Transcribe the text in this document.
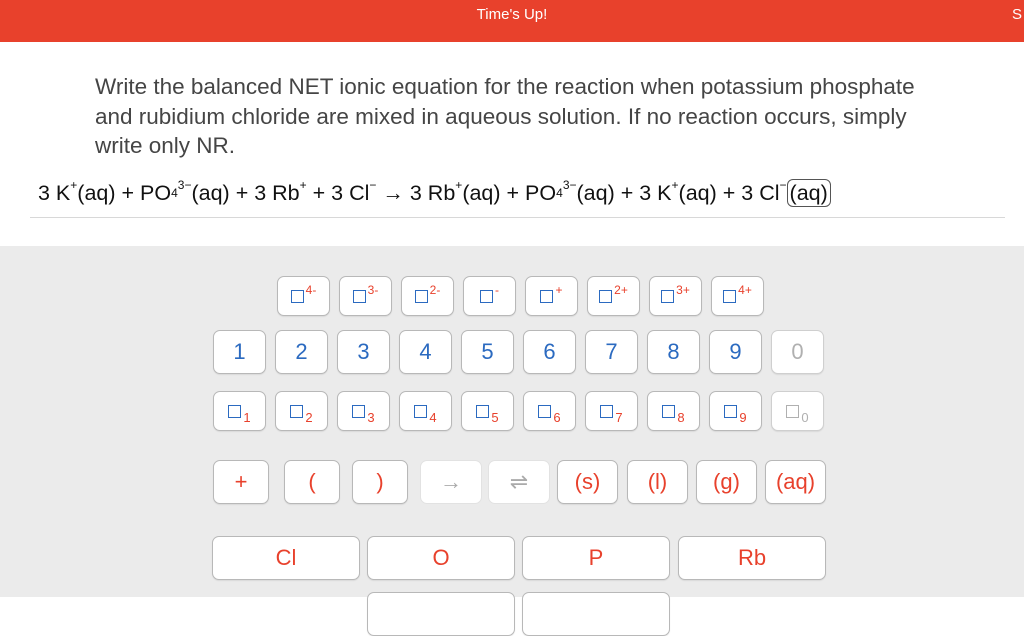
Time's Up!	S
Write the balanced NET ionic equation for the reaction when potassium phosphate and rubidium chloride are mixed in aqueous solution. If no reaction occurs, simply write only NR.
3 $K^+(aq) + PO_4^{3-}(aq) + 3$ Rb+ + 3 Cl− → 3 $Rb^+(aq) + PO_4^{3-}(aq) + 3$ K+(aq) + 3 Cl− (aq)
4-	3-	2-	-	+	2+	3+	4+
1	2	3	4	5	6	7	8	9	0
1	2	3	4	5	6	7	8	9	0
+	(	)	→	⇌	(s)	(l)	(g)	(aq)
Cl	O	P	Rb
